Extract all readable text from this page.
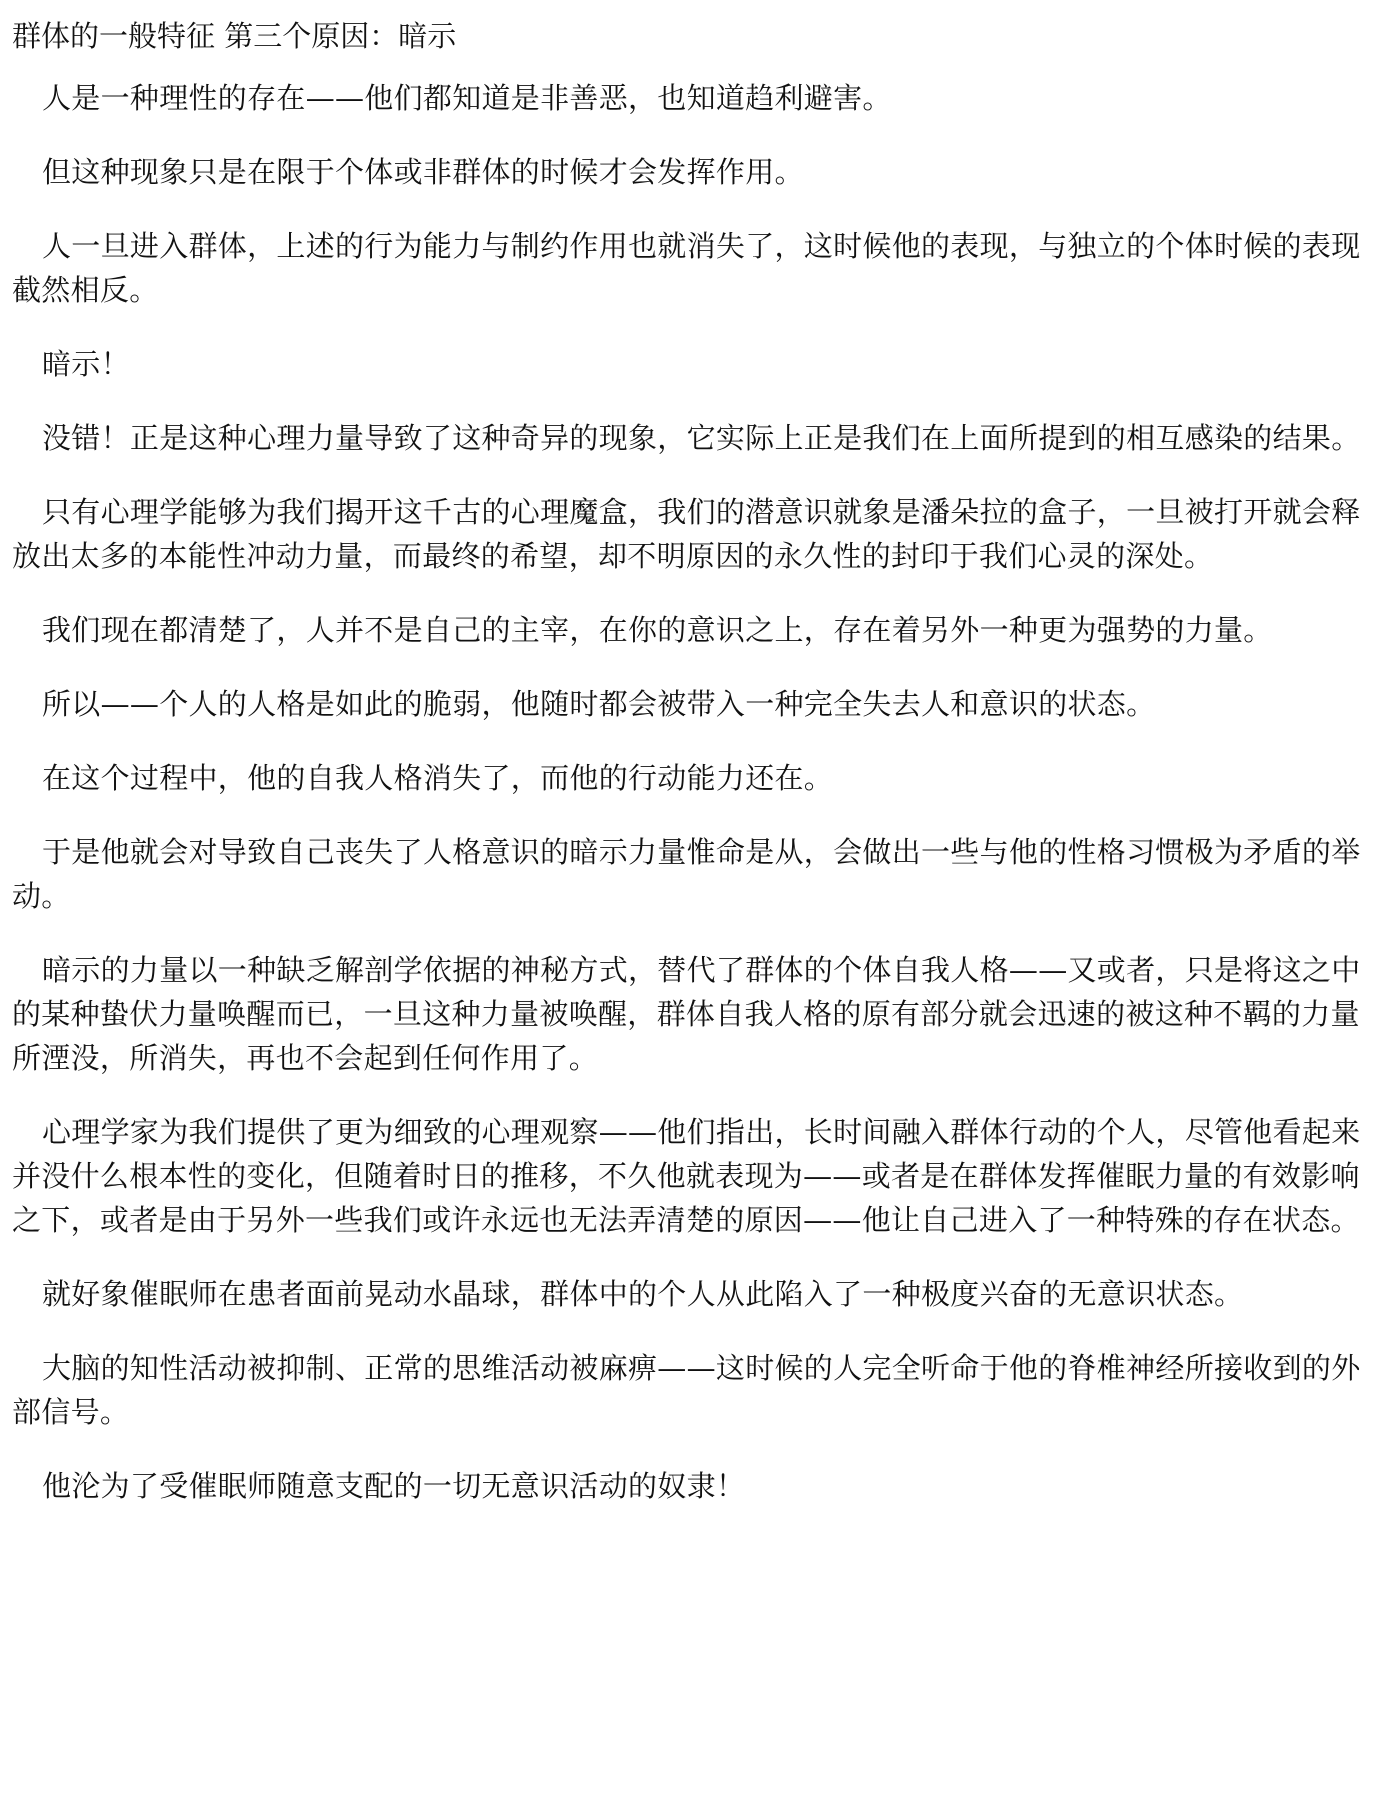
群体的一般特征 第三个原因：暗示

人是一种理性的存在——他们都知道是非善恶，也知道趋利避害。

但这种现象只是在限于个体或非群体的时候才会发挥作用。

人一旦进入群体，上述的行为能力与制约作用也就消失了，这时候他的表现，与独立的个体时候的表现截然相反。

暗示！

没错！正是这种心理力量导致了这种奇异的现象，它实际上正是我们在上面所提到的相互感染的结果。

只有心理学能够为我们揭开这千古的心理魔盒，我们的潜意识就象是潘朵拉的盒子，一旦被打开就会释放出太多的本能性冲动力量，而最终的希望，却不明原因的永久性的封印于我们心灵的深处。

我们现在都清楚了，人并不是自己的主宰，在你的意识之上，存在着另外一种更为强势的力量。

所以——个人的人格是如此的脆弱，他随时都会被带入一种完全失去人和意识的状态。

在这个过程中，他的自我人格消失了，而他的行动能力还在。

于是他就会对导致自己丧失了人格意识的暗示力量惟命是从，会做出一些与他的性格习惯极为矛盾的举动。

暗示的力量以一种缺乏解剖学依据的神秘方式，替代了群体的个体自我人格——又或者，只是将这之中的某种蛰伏力量唤醒而已，一旦这种力量被唤醒，群体自我人格的原有部分就会迅速的被这种不羁的力量所湮没，所消失，再也不会起到任何作用了。

心理学家为我们提供了更为细致的心理观察——他们指出，长时间融入群体行动的个人，尽管他看起来并没什么根本性的变化，但随着时日的推移，不久他就表现为——或者是在群体发挥催眠力量的有效影响之下，或者是由于另外一些我们或许永远也无法弄清楚的原因——他让自己进入了一种特殊的存在状态。

就好象催眠师在患者面前晃动水晶球，群体中的个人从此陷入了一种极度兴奋的无意识状态。

大脑的知性活动被抑制、正常的思维活动被麻痹——这时候的人完全听命于他的脊椎神经所接收到的外部信号。

他沦为了受催眠师随意支配的一切无意识活动的奴隶！
